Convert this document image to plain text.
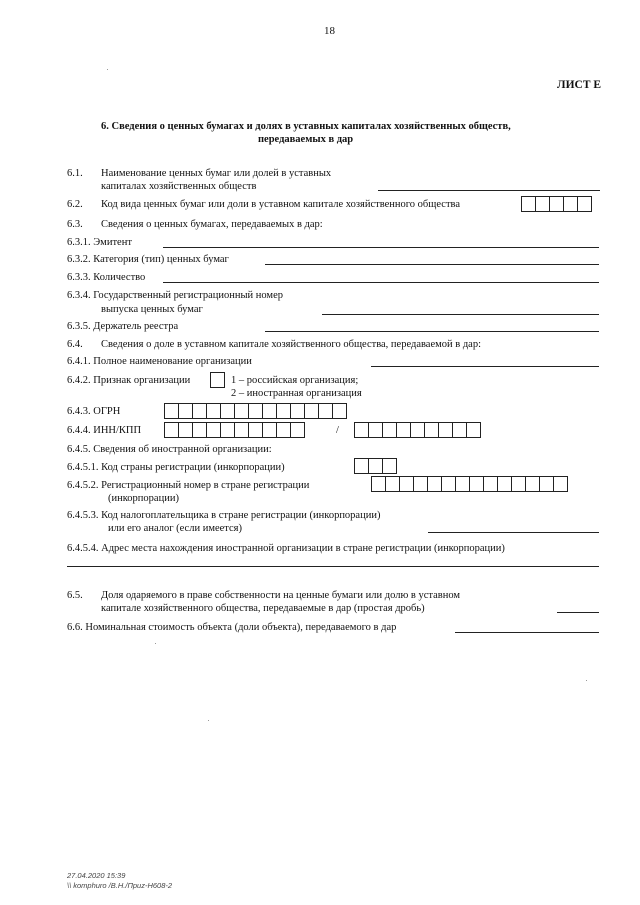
18
ЛИСТ Е
6. Сведения о ценных бумагах и долях в уставных капиталах хозяйственных обществ,
передаваемых в дар
6.1. Наименование ценных бумаг или долей в уставных
капиталах хозяйственных обществ
6.2. Код вида ценных бумаг или доли в уставном капитале хозяйственного общества
6.3. Сведения о ценных бумагах, передаваемых в дар:
6.3.1. Эмитент
6.3.2. Категория (тип) ценных бумаг
6.3.3. Количество
6.3.4. Государственный регистрационный номер
выпуска ценных бумаг
6.3.5. Держатель реестра
6.4. Сведения о доле в уставном капитале хозяйственного общества, передаваемой в дар:
6.4.1. Полное наименование организации
6.4.2. Признак организации	1 – российская организация;
2 – иностранная организация
6.4.3. ОГРН
6.4.4. ИНН/КПП	/
6.4.5. Сведения об иностранной организации:
6.4.5.1. Код страны регистрации (инкорпорации)
6.4.5.2. Регистрационный номер в стране регистрации
(инкорпорации)
6.4.5.3. Код налогоплательщика в стране регистрации (инкорпорации)
или его аналог (если имеется)
6.4.5.4. Адрес места нахождения иностранной организации в стране регистрации (инкорпорации)
6.5. Доля одаряемого в праве собственности на ценные бумаги или долю в уставном
капитале хозяйственного общества, передаваемые в дар (простая дробь)
6.6. Номинальная стоимость объекта (доли объекта), передаваемого в дар
27.04.2020 15:39
\\ komphuro /В.Н./Приz-Н608-2
